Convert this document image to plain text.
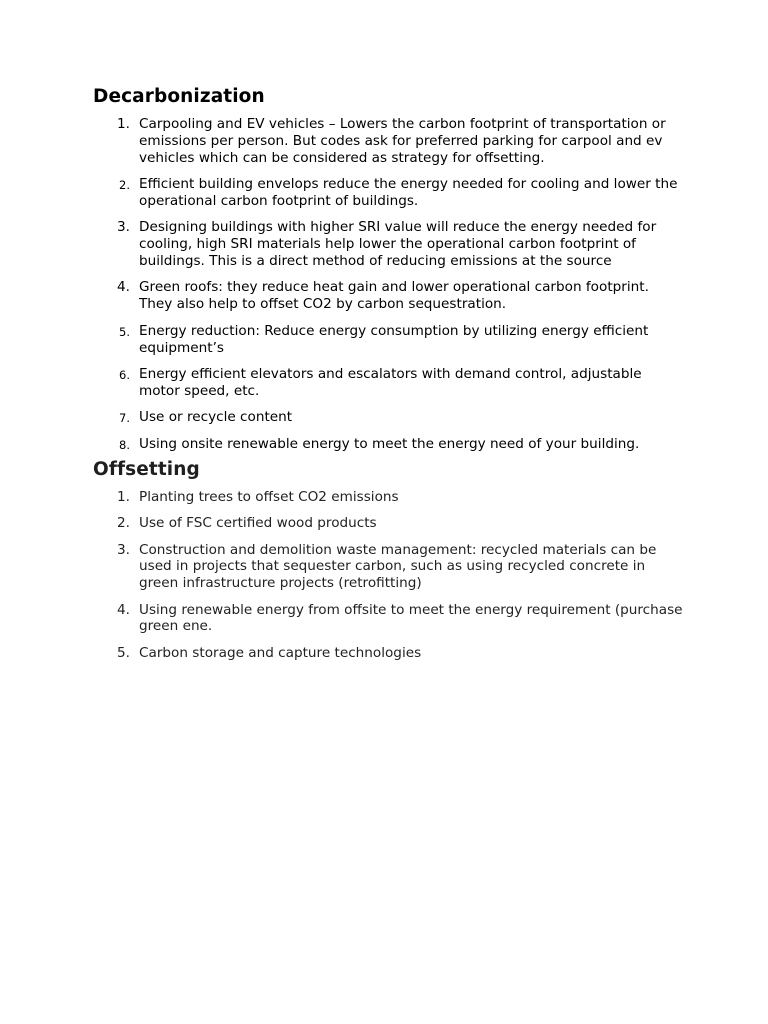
Decarbonization
1. Carpooling and EV vehicles – Lowers the carbon footprint of transportation or emissions per person. But codes ask for preferred parking for carpool and ev vehicles which can be considered as strategy for offsetting.
2. Efficient building envelops reduce the energy needed for cooling and lower the operational carbon footprint of buildings.
3. Designing buildings with higher SRI value will reduce the energy needed for cooling, high SRI materials help lower the operational carbon footprint of buildings. This is a direct method of reducing emissions at the source
4. Green roofs: they reduce heat gain and lower operational carbon footprint. They also help to offset CO2 by carbon sequestration.
5. Energy reduction: Reduce energy consumption by utilizing energy efficient equipment’s
6. Energy efficient elevators and escalators with demand control, adjustable motor speed, etc.
7. Use or recycle content
8. Using onsite renewable energy to meet the energy need of your building.
Offsetting
1. Planting trees to offset CO2 emissions
2. Use of FSC certified wood products
3. Construction and demolition waste management: recycled materials can be used in projects that sequester carbon, such as using recycled concrete in green infrastructure projects (retrofitting)
4. Using renewable energy from offsite to meet the energy requirement (purchase green ene.
5. Carbon storage and capture technologies
